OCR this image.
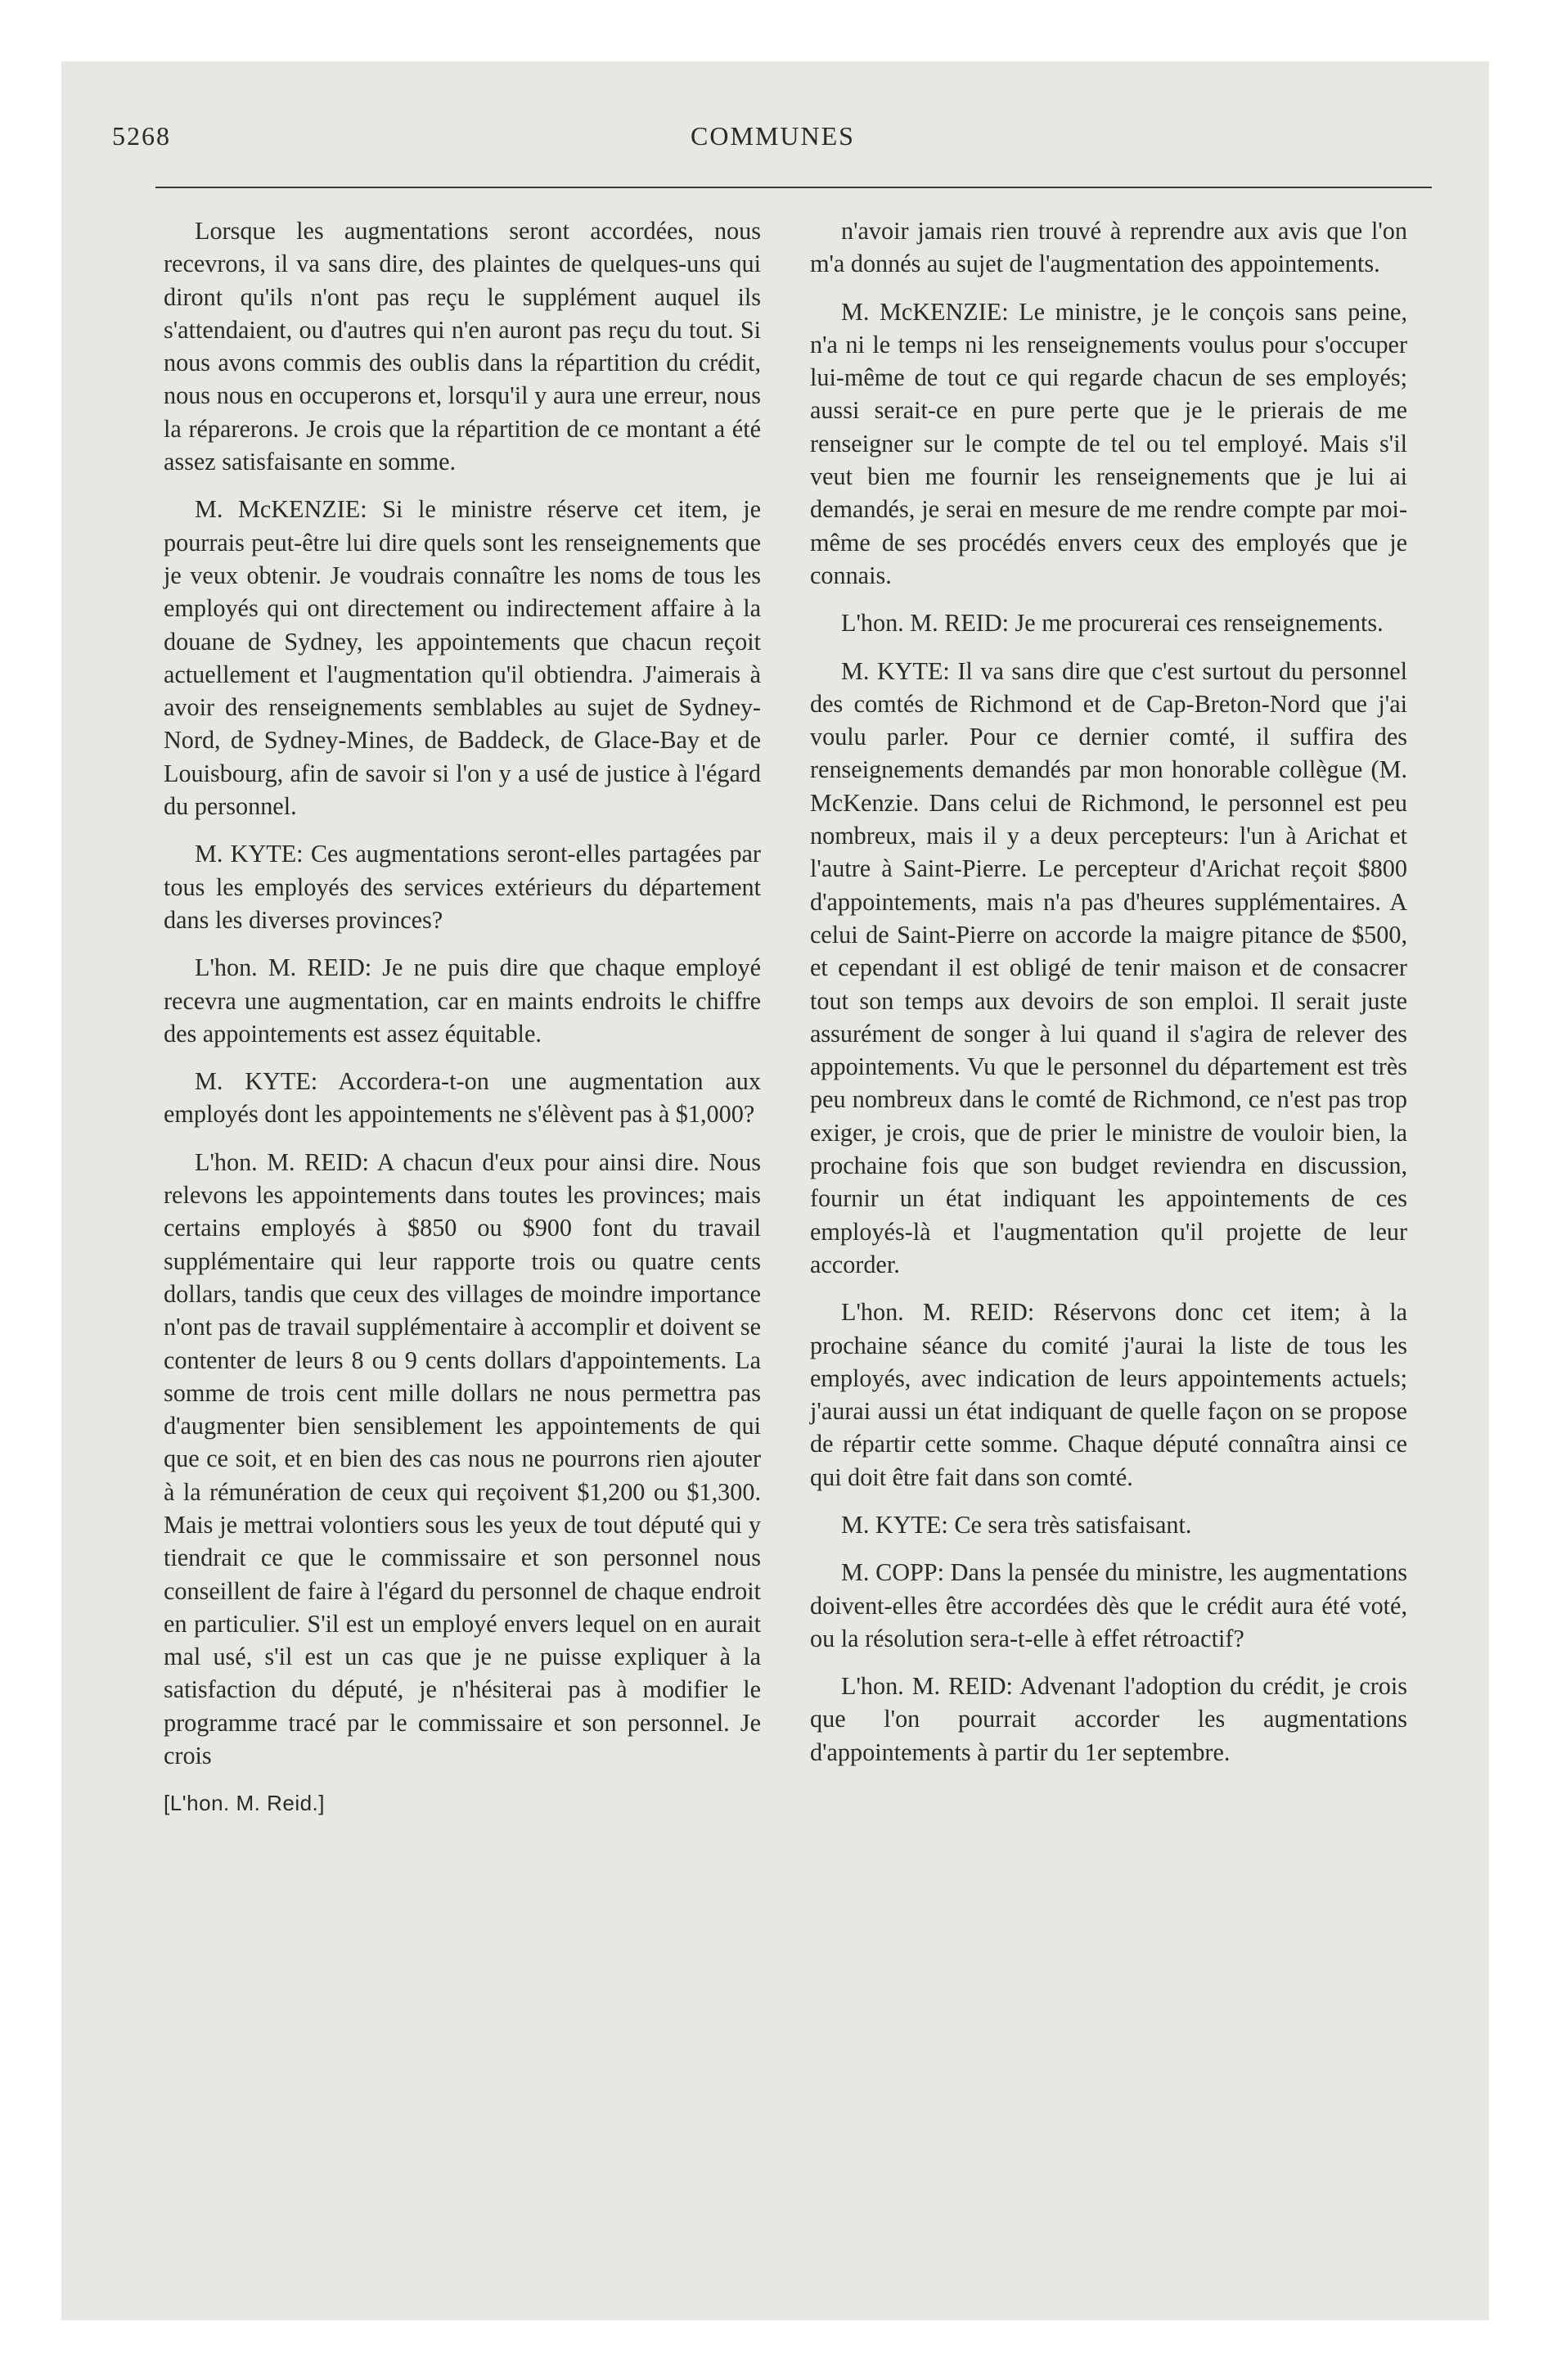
5268	COMMUNES

Lorsque les augmentations seront accordées, nous recevrons, il va sans dire, des plaintes de quelques-uns qui diront qu'ils n'ont pas reçu le supplément auquel ils s'attendaient, ou d'autres qui n'en auront pas reçu du tout. Si nous avons commis des oublis dans la répartition du crédit, nous nous en occuperons et, lorsqu'il y aura une erreur, nous la réparerons. Je crois que la répartition de ce montant a été assez satisfaisante en somme.

M. McKENZIE: Si le ministre réserve cet item, je pourrais peut-être lui dire quels sont les renseignements que je veux obtenir. Je voudrais connaître les noms de tous les employés qui ont directement ou indirectement affaire à la douane de Sydney, les appointements que chacun reçoit actuellement et l'augmentation qu'il obtiendra. J'aimerais à avoir des renseignements semblables au sujet de Sydney-Nord, de Sydney-Mines, de Baddeck, de Glace-Bay et de Louisbourg, afin de savoir si l'on y a usé de justice à l'égard du personnel.

M. KYTE: Ces augmentations seront-elles partagées par tous les employés des services extérieurs du département dans les diverses provinces?

L'hon. M. REID: Je ne puis dire que chaque employé recevra une augmentation, car en maints endroits le chiffre des appointements est assez équitable.

M. KYTE: Accordera-t-on une augmentation aux employés dont les appointements ne s'élèvent pas à $1,000?

L'hon. M. REID: A chacun d'eux pour ainsi dire. Nous relevons les appointements dans toutes les provinces; mais certains employés à $850 ou $900 font du travail supplémentaire qui leur rapporte trois ou quatre cents dollars, tandis que ceux des villages de moindre importance n'ont pas de travail supplémentaire à accomplir et doivent se contenter de leurs 8 ou 9 cents dollars d'appointements. La somme de trois cent mille dollars ne nous permettra pas d'augmenter bien sensiblement les appointements de qui que ce soit, et en bien des cas nous ne pourrons rien ajouter à la rémunération de ceux qui reçoivent $1,200 ou $1,300. Mais je mettrai volontiers sous les yeux de tout député qui y tiendrait ce que le commissaire et son personnel nous conseillent de faire à l'égard du personnel de chaque endroit en particulier. S'il est un employé envers lequel on en aurait mal usé, s'il est un cas que je ne puisse expliquer à la satisfaction du député, je n'hésiterai pas à modifier le programme tracé par le commissaire et son personnel. Je crois

[L'hon. M. Reid.]

n'avoir jamais rien trouvé à reprendre aux avis que l'on m'a donnés au sujet de l'augmentation des appointements.

M. McKENZIE: Le ministre, je le conçois sans peine, n'a ni le temps ni les renseignements voulus pour s'occuper lui-même de tout ce qui regarde chacun de ses employés; aussi serait-ce en pure perte que je le prierais de me renseigner sur le compte de tel ou tel employé. Mais s'il veut bien me fournir les renseignements que je lui ai demandés, je serai en mesure de me rendre compte par moi-même de ses procédés envers ceux des employés que je connais.

L'hon. M. REID: Je me procurerai ces renseignements.

M. KYTE: Il va sans dire que c'est surtout du personnel des comtés de Richmond et de Cap-Breton-Nord que j'ai voulu parler. Pour ce dernier comté, il suffira des renseignements demandés par mon honorable collègue (M. McKenzie. Dans celui de Richmond, le personnel est peu nombreux, mais il y a deux percepteurs: l'un à Arichat et l'autre à Saint-Pierre. Le percepteur d'Arichat reçoit $800 d'appointements, mais n'a pas d'heures supplémentaires. A celui de Saint-Pierre on accorde la maigre pitance de $500, et cependant il est obligé de tenir maison et de consacrer tout son temps aux devoirs de son emploi. Il serait juste assurément de songer à lui quand il s'agira de relever des appointements. Vu que le personnel du département est très peu nombreux dans le comté de Richmond, ce n'est pas trop exiger, je crois, que de prier le ministre de vouloir bien, la prochaine fois que son budget reviendra en discussion, fournir un état indiquant les appointements de ces employés-là et l'augmentation qu'il projette de leur accorder.

L'hon. M. REID: Réservons donc cet item; à la prochaine séance du comité j'aurai la liste de tous les employés, avec indication de leurs appointements actuels; j'aurai aussi un état indiquant de quelle façon on se propose de répartir cette somme. Chaque député connaîtra ainsi ce qui doit être fait dans son comté.

M. KYTE: Ce sera très satisfaisant.

M. COPP: Dans la pensée du ministre, les augmentations doivent-elles être accordées dès que le crédit aura été voté, ou la résolution sera-t-elle à effet rétroactif?

L'hon. M. REID: Advenant l'adoption du crédit, je crois que l'on pourrait accorder les augmentations d'appointements à partir du 1er septembre.
